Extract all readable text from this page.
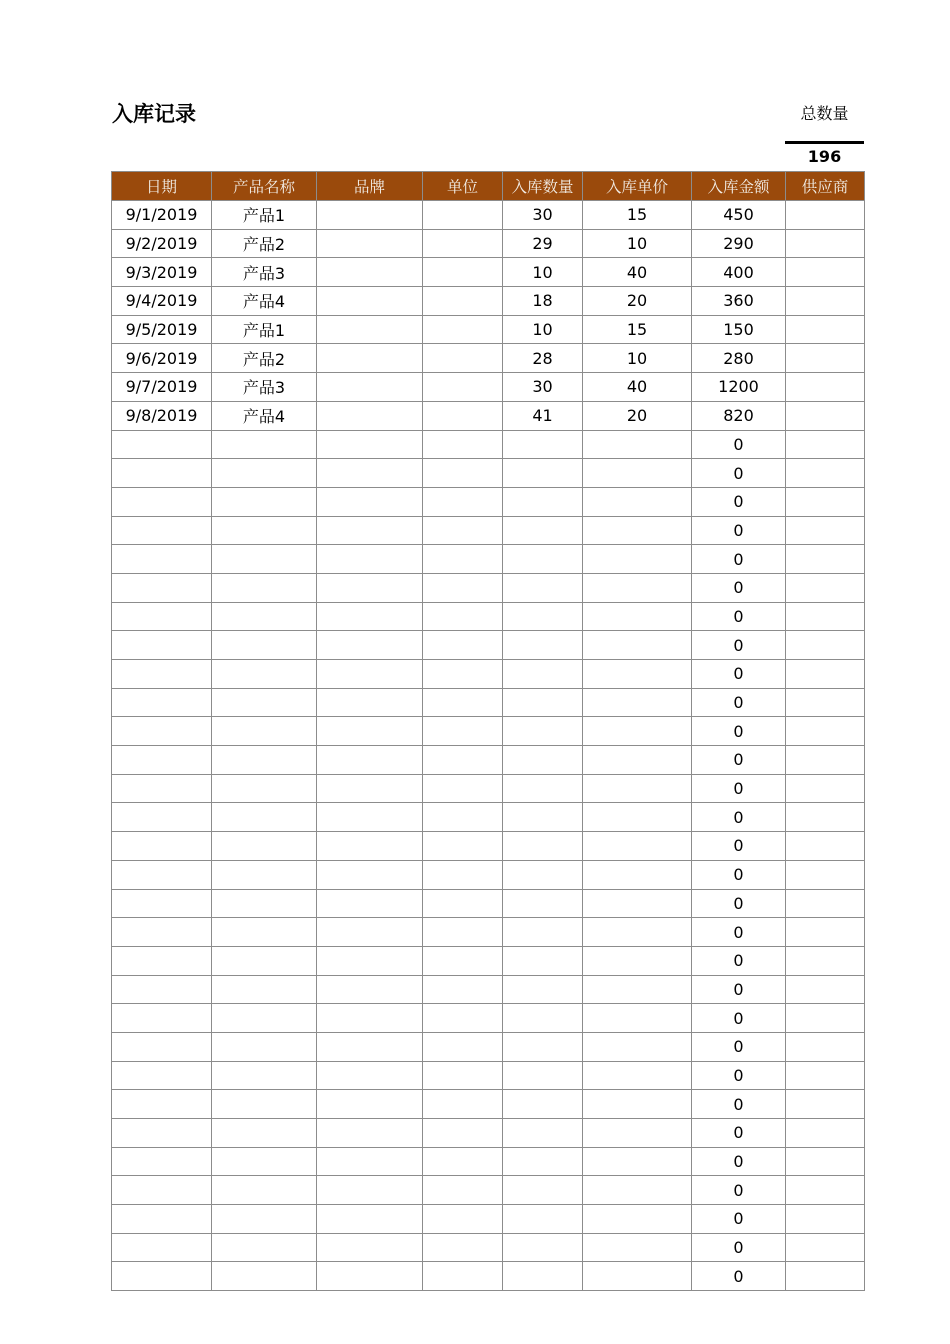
入库记录	总数量
196
日期	产品名称	品牌	单位	入库数量	入库单价	入库金额	供应商
9/1/2019	产品1			30	15	450	
9/2/2019	产品2			29	10	290	
9/3/2019	产品3			10	40	400	
9/4/2019	产品4			18	20	360	
9/5/2019	产品1			10	15	150	
9/6/2019	产品2			28	10	280	
9/7/2019	产品3			30	40	1200	
9/8/2019	产品4			41	20	820	
						0	
						0	
						0	
						0	
						0	
						0	
						0	
						0	
						0	
						0	
						0	
						0	
						0	
						0	
						0	
						0	
						0	
						0	
						0	
						0	
						0	
						0	
						0	
						0	
						0	
						0	
						0	
						0	
						0	
						0	
